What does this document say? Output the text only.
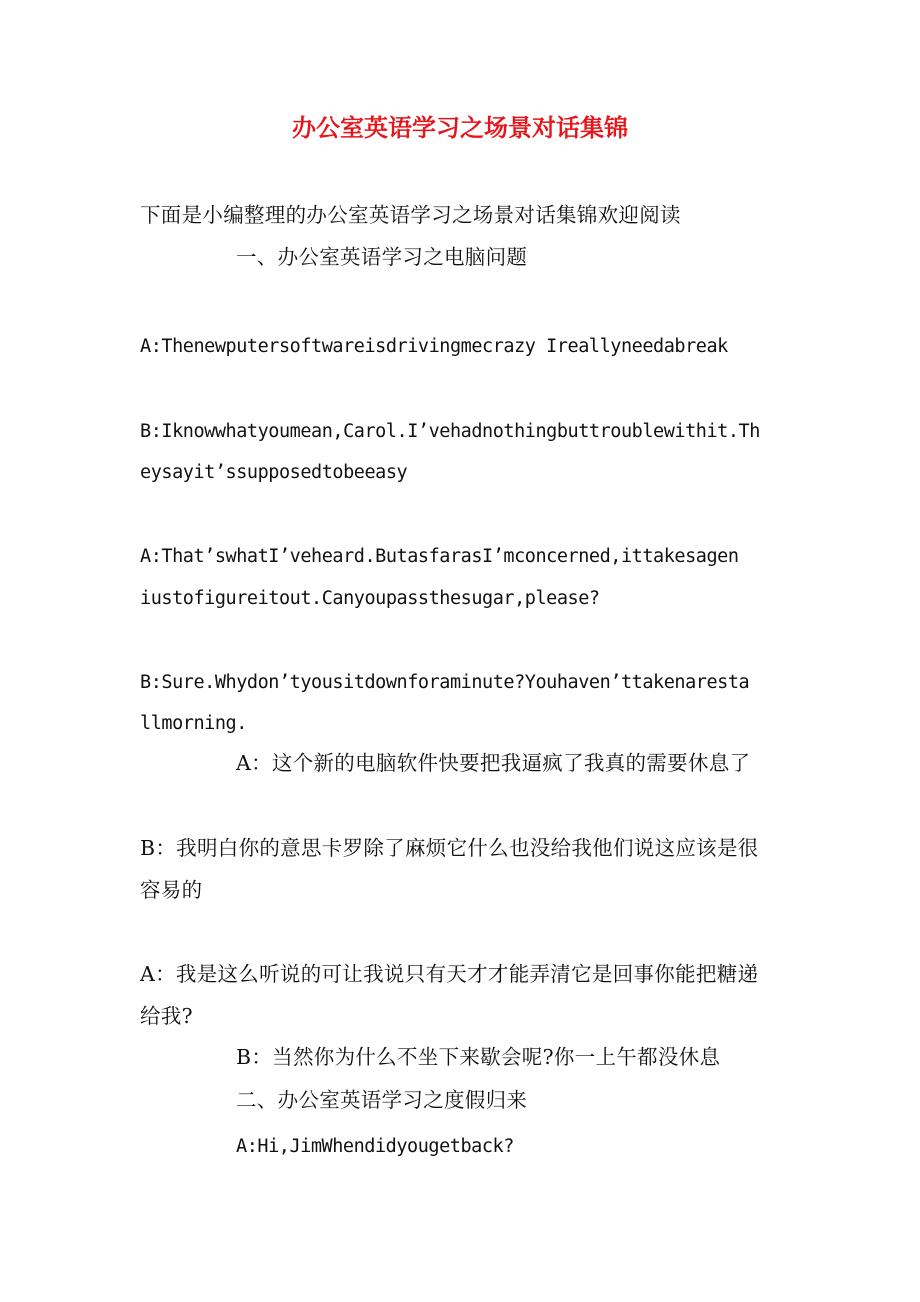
办公室英语学习之场景对话集锦
下面是小编整理的办公室英语学习之场景对话集锦欢迎阅读
一、办公室英语学习之电脑问题
A:Thenewputersoftwareisdrivingmecrazy Ireallyneedabreak
B:Iknowwhatyoumean,Carol.I’vehadnothingbuttroublewithit.Th
eysayit’ssupposedtobeeasy
A:That’swhatI’veheard.ButasfarasI’mconcerned,ittakesagen
iustofigureitout.Canyoupassthesugar,please?
B:Sure.Whydon’tyousitdownforaminute?Youhaven’ttakenaresta
llmorning.
A：这个新的电脑软件快要把我逼疯了我真的需要休息了
B：我明白你的意思卡罗除了麻烦它什么也没给我他们说这应该是很
容易的
A：我是这么听说的可让我说只有天才才能弄清它是回事你能把糖递
给我?
B：当然你为什么不坐下来歇会呢?你一上午都没休息
二、办公室英语学习之度假归来
A:Hi,JimWhendidyougetback?
